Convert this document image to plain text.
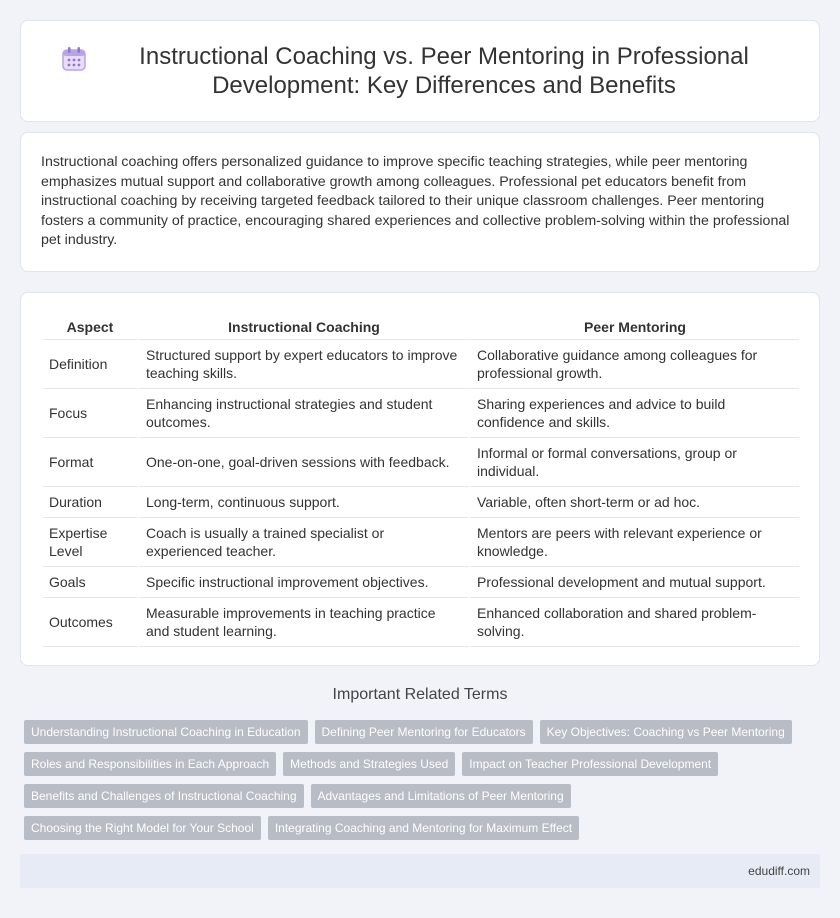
Instructional Coaching vs. Peer Mentoring in Professional Development: Key Differences and Benefits

Instructional coaching offers personalized guidance to improve specific teaching strategies, while peer mentoring emphasizes mutual support and collaborative growth among colleagues. Professional pet educators benefit from instructional coaching by receiving targeted feedback tailored to their unique classroom challenges. Peer mentoring fosters a community of practice, encouraging shared experiences and collective problem-solving within the professional pet industry.

Aspect	Instructional Coaching	Peer Mentoring
Definition	Structured support by expert educators to improve teaching skills.	Collaborative guidance among colleagues for professional growth.
Focus	Enhancing instructional strategies and student outcomes.	Sharing experiences and advice to build confidence and skills.
Format	One-on-one, goal-driven sessions with feedback.	Informal or formal conversations, group or individual.
Duration	Long-term, continuous support.	Variable, often short-term or ad hoc.
Expertise Level	Coach is usually a trained specialist or experienced teacher.	Mentors are peers with relevant experience or knowledge.
Goals	Specific instructional improvement objectives.	Professional development and mutual support.
Outcomes	Measurable improvements in teaching practice and student learning.	Enhanced collaboration and shared problem-solving.
Important Related Terms
Understanding Instructional Coaching in Education	Defining Peer Mentoring for Educators	Key Objectives: Coaching vs Peer Mentoring
Roles and Responsibilities in Each Approach	Methods and Strategies Used	Impact on Teacher Professional Development
Benefits and Challenges of Instructional Coaching	Advantages and Limitations of Peer Mentoring
Choosing the Right Model for Your School	Integrating Coaching and Mentoring for Maximum Effect
edudiff.com
